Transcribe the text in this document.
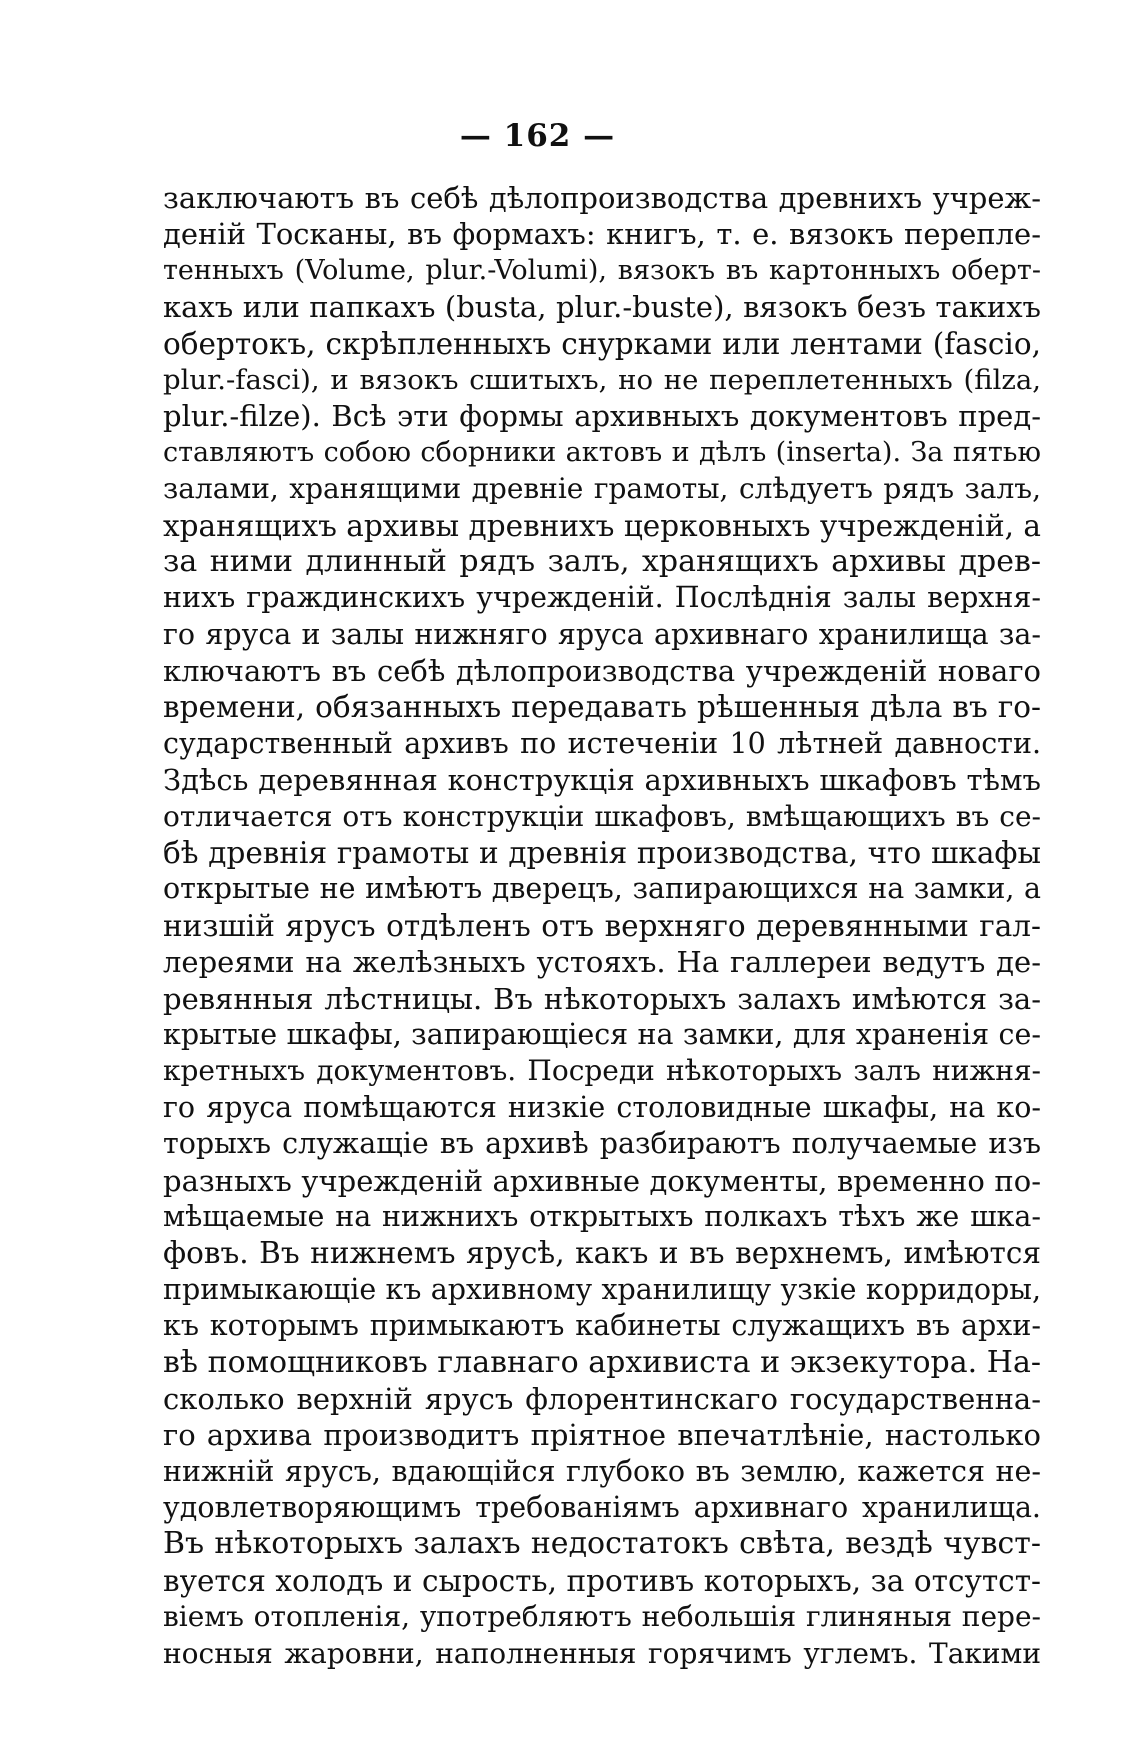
— 162 —
заключаютъ въ себѣ дѣлопроизводства древнихъ учреж-
деній Тосканы, въ формахъ: книгъ, т. е. вязокъ перепле-
тенныхъ (Volume, plur.-Volumi), вязокъ въ картонныхъ оберт-
кахъ или папкахъ (busta, plur.-buste), вязокъ безъ такихъ
обертокъ, скрѣпленныхъ снурками или лентами (fascio,
plur.-fasci), и вязокъ сшитыхъ, но не переплетенныхъ (filza,
plur.-filze). Всѣ эти формы архивныхъ документовъ пред-
ставляютъ собою сборники актовъ и дѣлъ (inserta). За пятью
залами, хранящими древніе грамоты, слѣдуетъ рядъ залъ,
хранящихъ архивы древнихъ церковныхъ учрежденій, а
за ними длинный рядъ залъ, хранящихъ архивы древ-
нихъ граждинскихъ учрежденій. Послѣднія залы верхня-
го яруса и залы нижняго яруса архивнаго хранилища за-
ключаютъ въ себѣ дѣлопроизводства учрежденій новаго
времени, обязанныхъ передавать рѣшенныя дѣла въ го-
сударственный архивъ по истеченіи 10 лѣтней давности.
Здѣсь деревянная конструкція архивныхъ шкафовъ тѣмъ
отличается отъ конструкціи шкафовъ, вмѣщающихъ въ се-
бѣ древнія грамоты и древнія производства, что шкафы
открытые не имѣютъ дверецъ, запирающихся на замки, а
низшій ярусъ отдѣленъ отъ верхняго деревянными гал-
лереями на желѣзныхъ устояхъ. На галлереи ведутъ де-
ревянныя лѣстницы. Въ нѣкоторыхъ залахъ имѣются за-
крытые шкафы, запирающіеся на замки, для храненія се-
кретныхъ документовъ. Посреди нѣкоторыхъ залъ нижня-
го яруса помѣщаются низкіе столовидные шкафы, на ко-
торыхъ служащіе въ архивѣ разбираютъ получаемые изъ
разныхъ учрежденій архивные документы, временно по-
мѣщаемые на нижнихъ открытыхъ полкахъ тѣхъ же шка-
фовъ. Въ нижнемъ ярусѣ, какъ и въ верхнемъ, имѣются
примыкающіе къ архивному хранилищу узкіе корридоры,
къ которымъ примыкаютъ кабинеты служащихъ въ архи-
вѣ помощниковъ главнаго архивиста и экзекутора. На-
сколько верхній ярусъ флорентинскаго государственна-
го архива производитъ пріятное впечатлѣніе, настолько
нижній ярусъ, вдающійся глубоко въ землю, кажется не-
удовлетворяющимъ требованіямъ архивнаго хранилища.
Въ нѣкоторыхъ залахъ недостатокъ свѣта, вездѣ чувст-
вуется холодъ и сырость, противъ которыхъ, за отсутст-
віемъ отопленія, употребляютъ небольшія глиняныя пере-
носныя жаровни, наполненныя горячимъ углемъ. Такими
